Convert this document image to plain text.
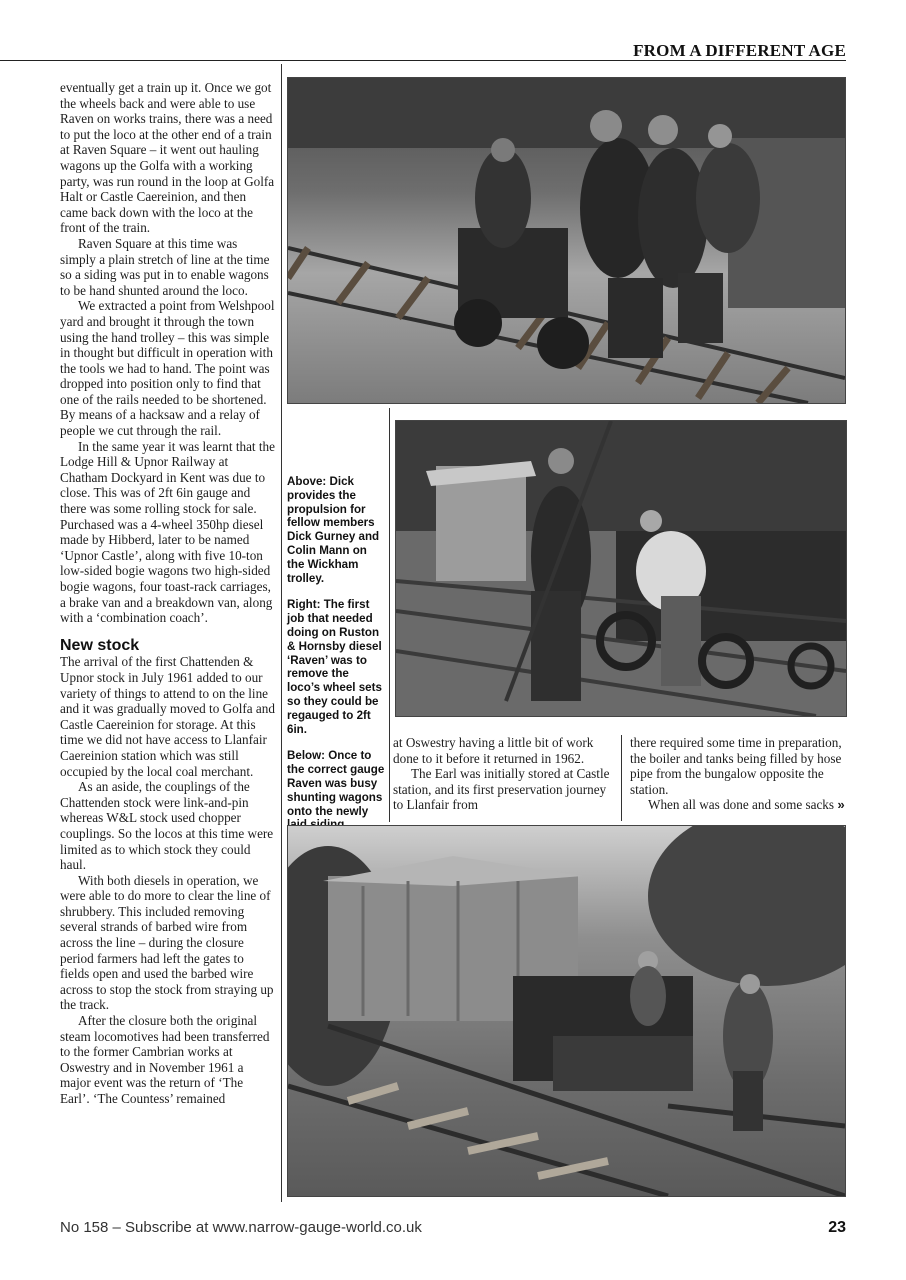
FROM A DIFFERENT AGE

eventually get a train up it. Once we got the wheels back and were able to use Raven on works trains, there was a need to put the loco at the other end of a train at Raven Square – it went out hauling wagons up the Golfa with a working party, was run round in the loop at Golfa Halt or Castle Caereinion, and then came back down with the loco at the front of the train.

Raven Square at this time was simply a plain stretch of line at the time so a siding was put in to enable wagons to be hand shunted around the loco.

We extracted a point from Welshpool yard and brought it through the town using the hand trolley – this was simple in thought but difficult in operation with the tools we had to hand. The point was dropped into position only to find that one of the rails needed to be shortened. By means of a hacksaw and a relay of people we cut through the rail.

In the same year it was learnt that the Lodge Hill & Upnor Railway at Chatham Dockyard in Kent was due to close. This was of 2ft 6in gauge and there was some rolling stock for sale. Purchased was a 4-wheel 350hp diesel made by Hibberd, later to be named ‘Upnor Castle’, along with five 10-ton low-sided bogie wagons two high-sided bogie wagons, four toast-rack carriages, a brake van and a breakdown van, along with a ‘combination coach’.

New stock

The arrival of the first Chattenden & Upnor stock in July 1961 added to our variety of things to attend to on the line and it was gradually moved to Golfa and Castle Caereinion for storage. At this time we did not have access to Llanfair Caereinion station which was still occupied by the local coal merchant.

As an aside, the couplings of the Chattenden stock were link-and-pin whereas W&L stock used chopper couplings. So the locos at this time were limited as to which stock they could haul.

With both diesels in operation, we were able to do more to clear the line of shrubbery. This included removing several strands of barbed wire from across the line – during the closure period farmers had left the gates to fields open and used the barbed wire across to stop the stock from straying up the track.

After the closure both the original steam locomotives had been transferred to the former Cambrian works at Oswestry and in November 1961 a major event was the return of ‘The Earl’. ‘The Countess’ remained

Above: Dick provides the propulsion for fellow members Dick Gurney and Colin Mann on the Wickham trolley.

Right: The first job that needed doing on Ruston & Hornsby diesel ‘Raven’ was to remove the loco’s wheel sets so they could be regauged to 2ft 6in.

Below: Once to the correct gauge Raven was busy shunting wagons onto the newly

at Oswestry having a little bit of work done to it before it returned in 1962.

The Earl was initially stored at Castle station, and its first preservation journey to Llanfair from

there required some time in preparation, the boiler and tanks being filled by hose pipe from the bungalow opposite the station.

When all was done and some sacks »

No 158 – Subscribe at www.narrow-gauge-world.co.uk	23
